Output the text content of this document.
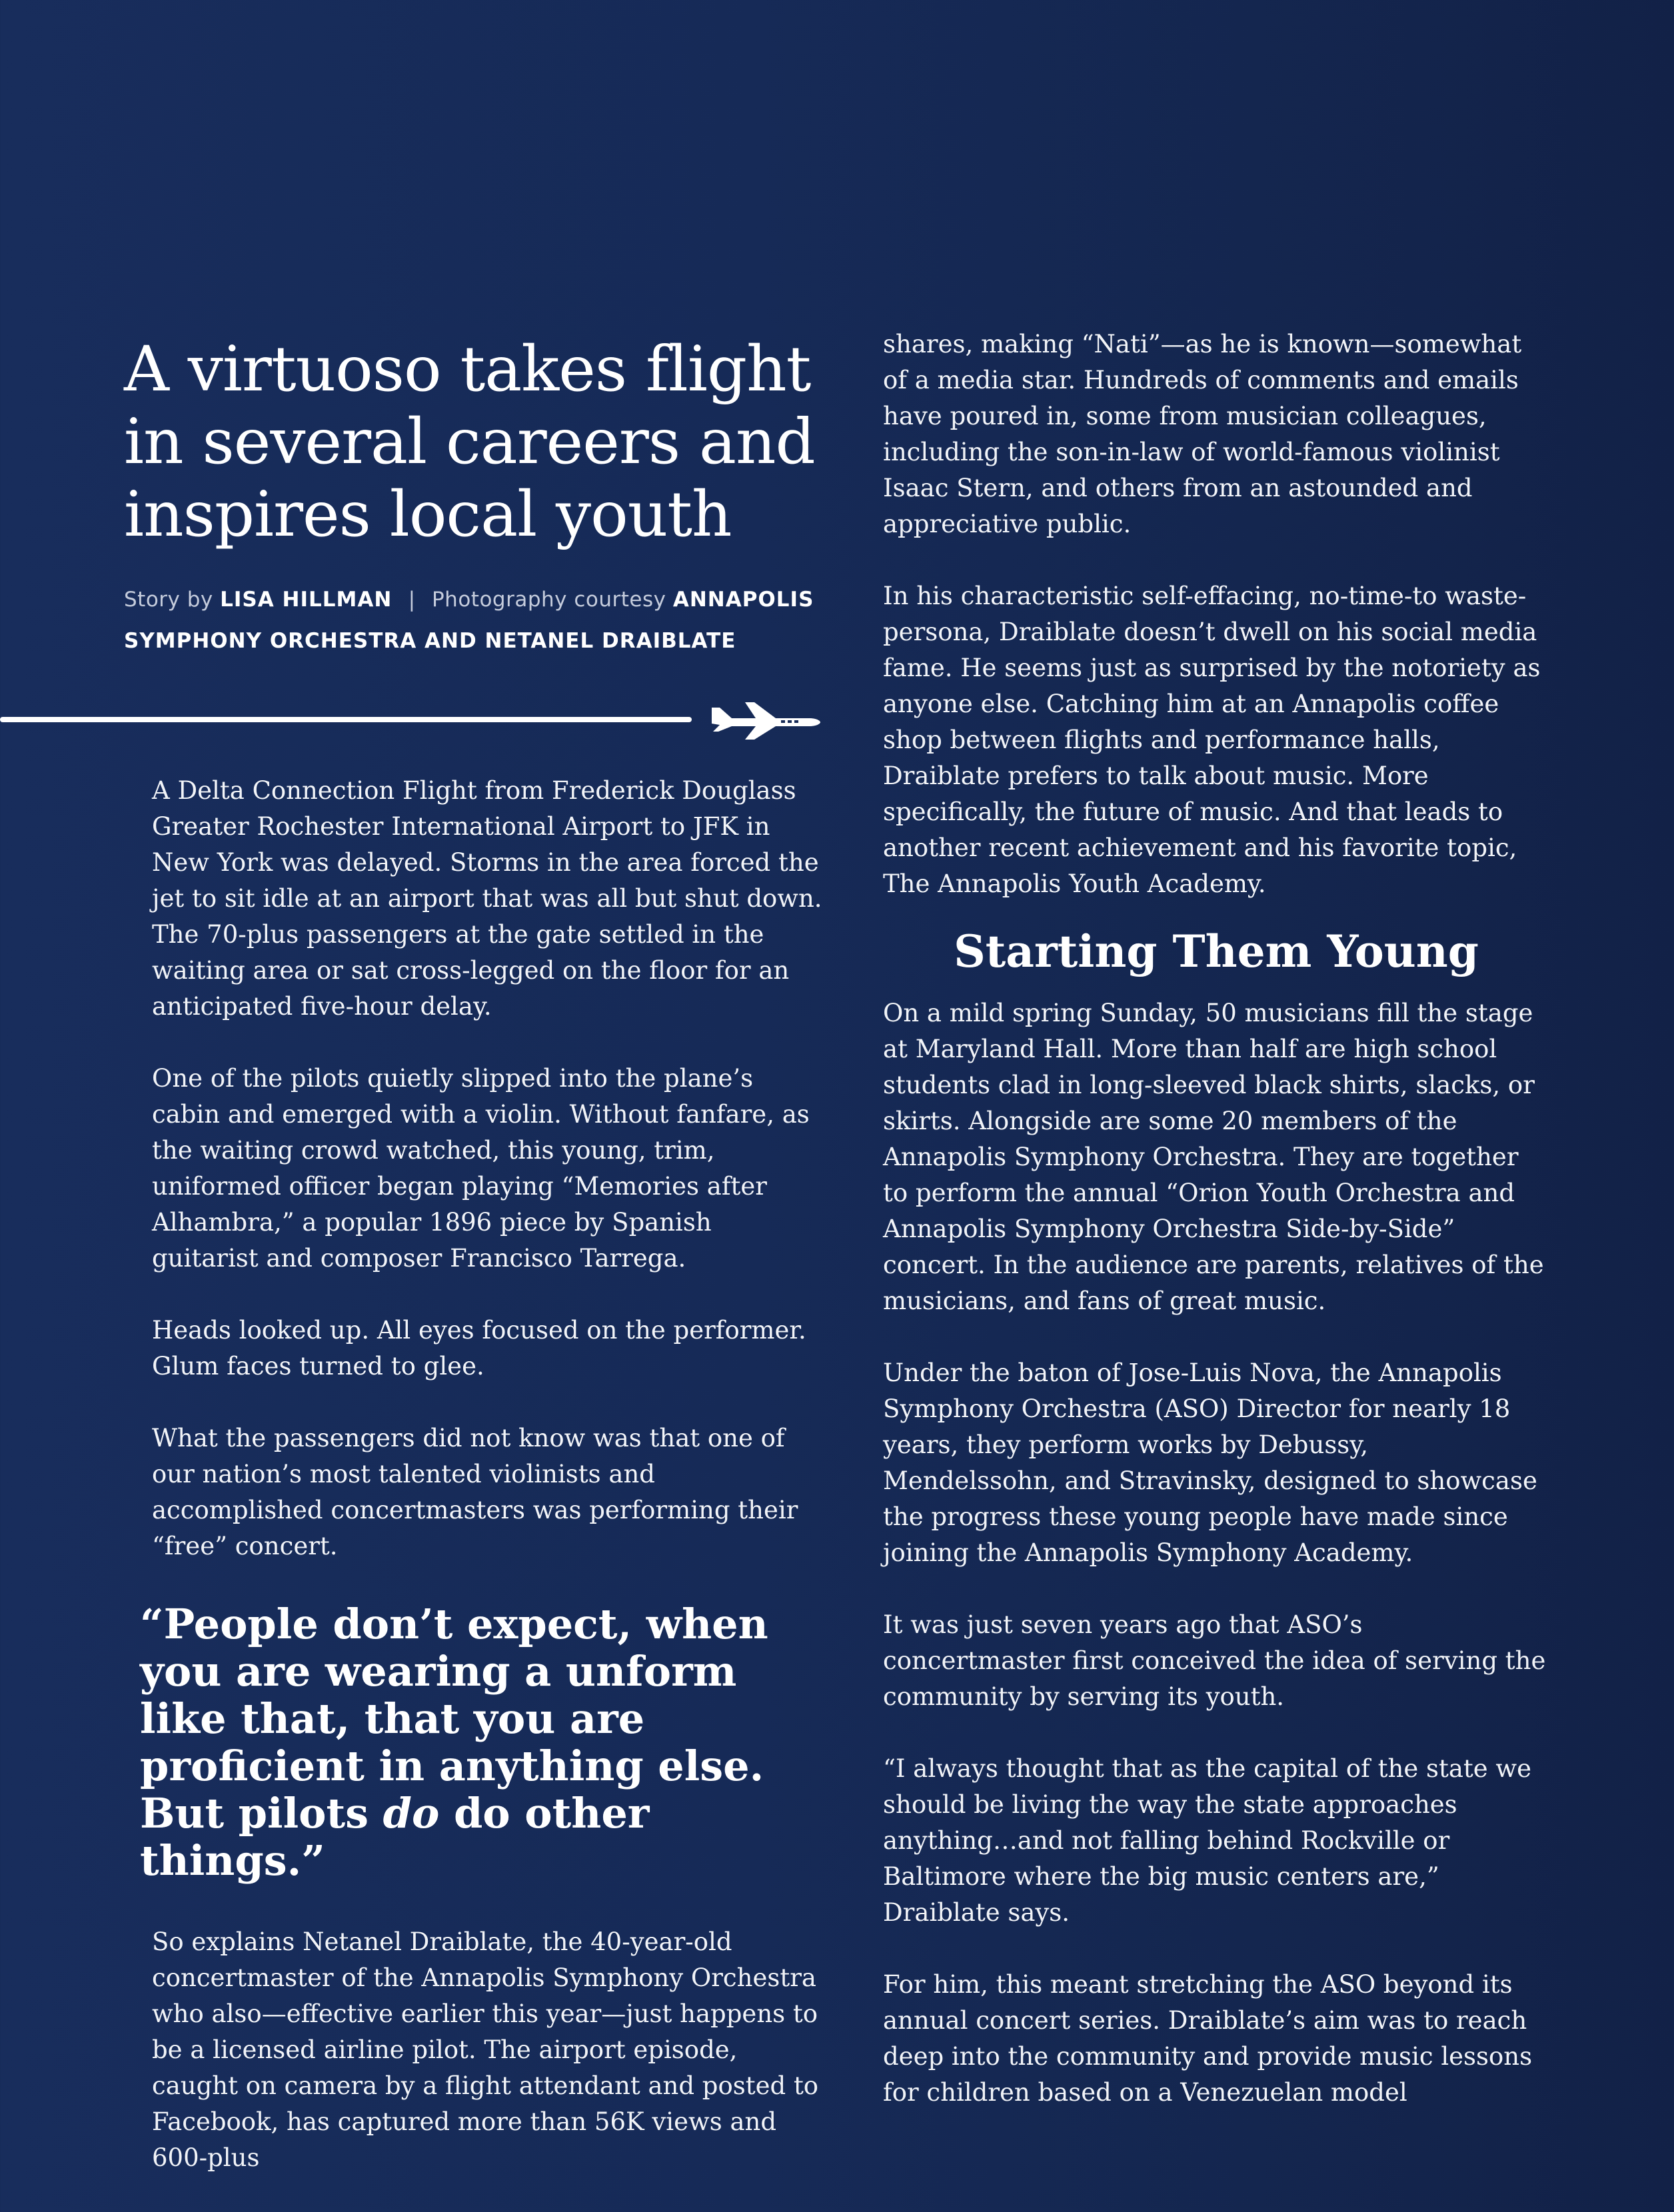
A virtuoso takes flight in several careers and inspires local youth
Story by LISA HILLMAN | Photography courtesy ANNAPOLIS SYMPHONY ORCHESTRA AND NETANEL DRAIBLATE

A Delta Connection Flight from Frederick Douglass Greater Rochester International Airport to JFK in New York was delayed. Storms in the area forced the jet to sit idle at an airport that was all but shut down. The 70-plus passengers at the gate settled in the waiting area or sat cross-legged on the floor for an anticipated five-hour delay.

One of the pilots quietly slipped into the plane’s cabin and emerged with a violin. Without fanfare, as the waiting crowd watched, this young, trim, uniformed officer began playing “Memories after Alhambra,” a popular 1896 piece by Spanish guitarist and composer Francisco Tarrega.

Heads looked up. All eyes focused on the performer. Glum faces turned to glee.

What the passengers did not know was that one of our nation’s most talented violinists and accomplished concertmasters was performing their “free” concert.

“People don’t expect, when you are wearing a unform like that, that you are proficient in anything else. But pilots do do other things.”

So explains Netanel Draiblate, the 40-year-old concertmaster of the Annapolis Symphony Orchestra who also—effective earlier this year—just happens to be a licensed airline pilot. The airport episode, caught on camera by a flight attendant and posted to Facebook, has captured more than 56K views and 600-plus

shares, making “Nati”—as he is known—somewhat of a media star. Hundreds of comments and emails have poured in, some from musician colleagues, including the son-in-law of world-famous violinist Isaac Stern, and others from an astounded and appreciative public.

In his characteristic self-effacing, no-time-to waste-persona, Draiblate doesn’t dwell on his social media fame. He seems just as surprised by the notoriety as anyone else. Catching him at an Annapolis coffee shop between flights and performance halls, Draiblate prefers to talk about music. More specifically, the future of music. And that leads to another recent achievement and his favorite topic, The Annapolis Youth Academy.

Starting Them Young

On a mild spring Sunday, 50 musicians fill the stage at Maryland Hall. More than half are high school students clad in long-sleeved black shirts, slacks, or skirts. Alongside are some 20 members of the Annapolis Symphony Orchestra. They are together to perform the annual “Orion Youth Orchestra and Annapolis Symphony Orchestra Side-by-Side” concert. In the audience are parents, relatives of the musicians, and fans of great music.

Under the baton of Jose-Luis Nova, the Annapolis Symphony Orchestra (ASO) Director for nearly 18 years, they perform works by Debussy, Mendelssohn, and Stravinsky, designed to showcase the progress these young people have made since joining the Annapolis Symphony Academy.

It was just seven years ago that ASO’s concertmaster first conceived the idea of serving the community by serving its youth.

“I always thought that as the capital of the state we should be living the way the state approaches anything…and not falling behind Rockville or Baltimore where the big music centers are,” Draiblate says.

For him, this meant stretching the ASO beyond its annual concert series. Draiblate’s aim was to reach deep into the community and provide music lessons for children based on a Venezuelan model
